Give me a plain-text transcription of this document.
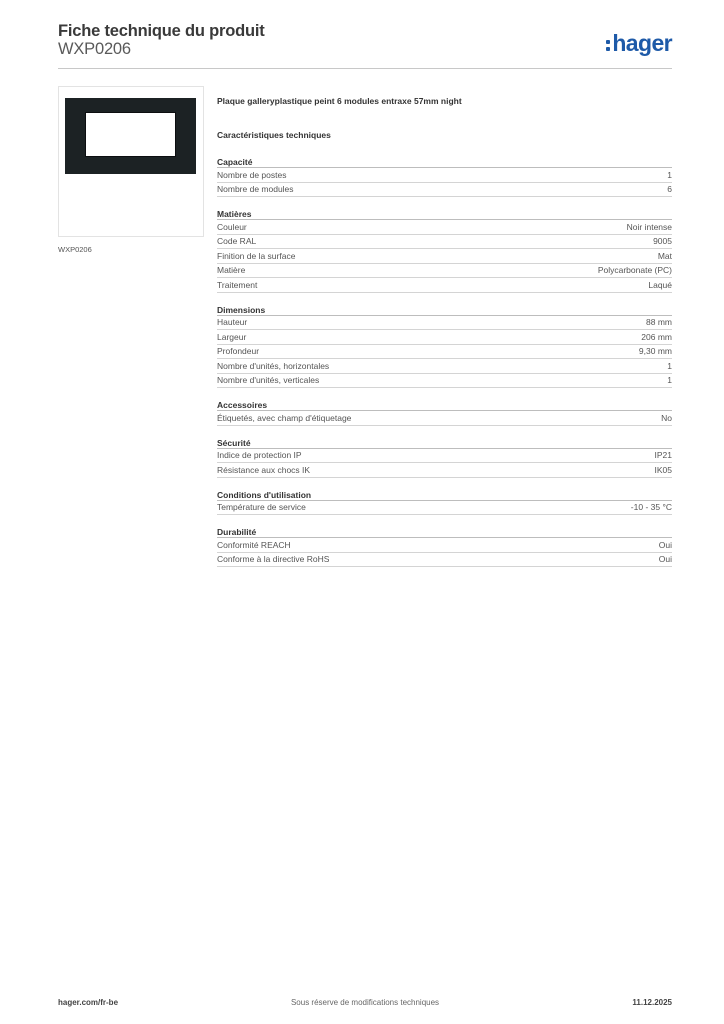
Fiche technique du produit
WXP0206	hager
WXP0206
Plaque galleryplastique peint 6 modules entraxe 57mm night
Caractéristiques techniques
Capacité
Nombre de postes	1
Nombre de modules	6
Matières
Couleur	Noir intense
Code RAL	9005
Finition de la surface	Mat
Matière	Polycarbonate (PC)
Traitement	Laqué
Dimensions
Hauteur	88 mm
Largeur	206 mm
Profondeur	9,30 mm
Nombre d'unités, horizontales	1
Nombre d'unités, verticales	1
Accessoires
Étiquetés, avec champ d'étiquetage	No
Sécurité
Indice de protection IP	IP21
Résistance aux chocs IK	IK05
Conditions d'utilisation
Température de service	-10 - 35 °C
Durabilité
Conformité REACH	Oui
Conforme à la directive RoHS	Oui
hager.com/fr-be	Sous réserve de modifications techniques	11.12.2025
